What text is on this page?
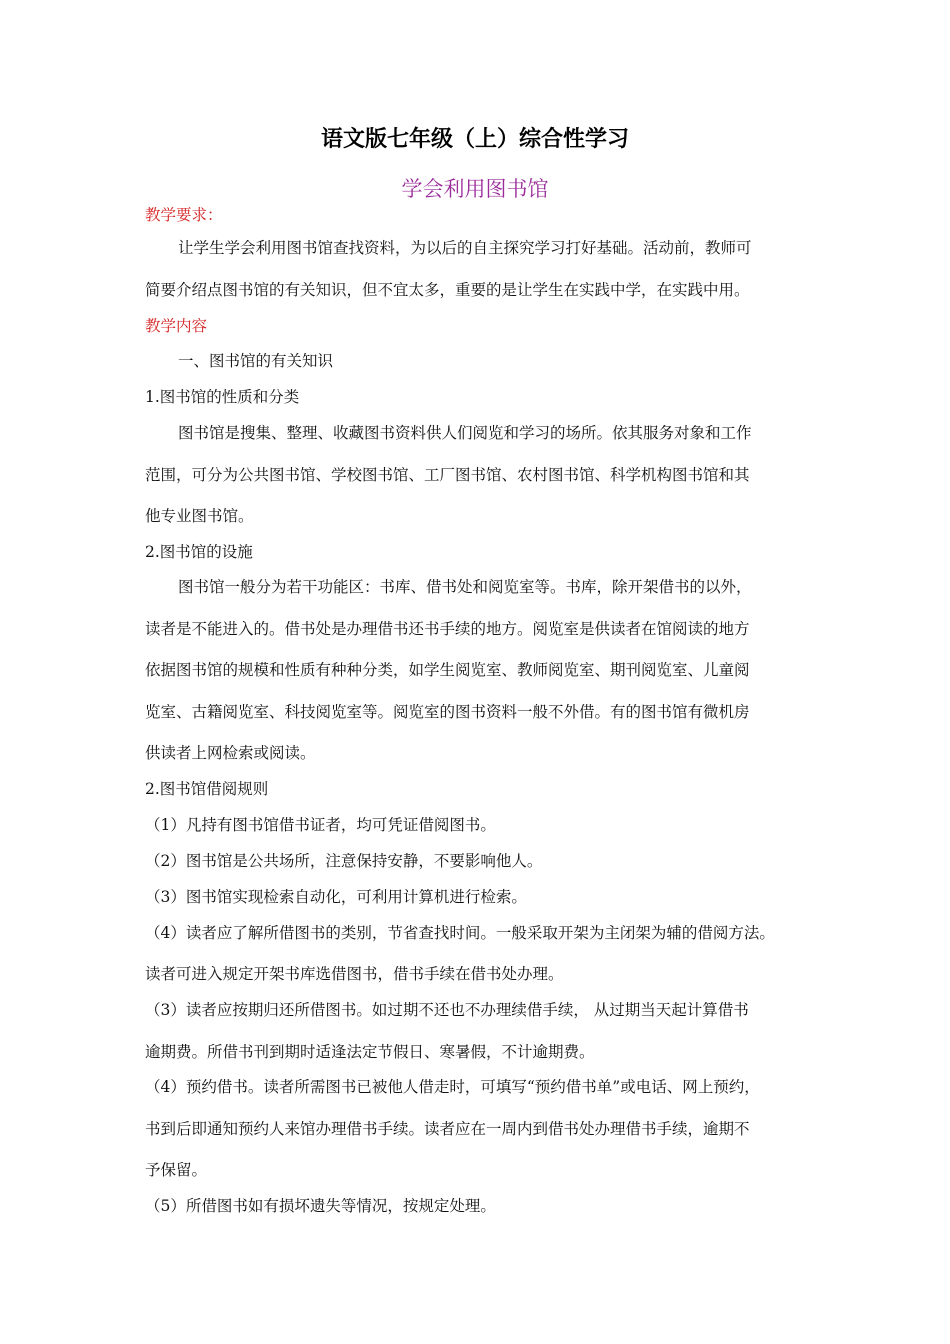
语文版七年级（上）综合性学习
学会利用图书馆
教学要求：
让学生学会利用图书馆查找资料，为以后的自主探究学习打好基础。活动前，教师可
简要介绍点图书馆的有关知识，但不宜太多，重要的是让学生在实践中学，在实践中用。
教学内容
一、图书馆的有关知识
1.图书馆的性质和分类
图书馆是搜集、整理、收藏图书资料供人们阅览和学习的场所。依其服务对象和工作
范围，可分为公共图书馆、学校图书馆、工厂图书馆、农村图书馆、科学机构图书馆和其
他专业图书馆。
2.图书馆的设施
图书馆一般分为若干功能区：书库、借书处和阅览室等。书库，除开架借书的以外，
读者是不能进入的。借书处是办理借书还书手续的地方。阅览室是供读者在馆阅读的地方
依据图书馆的规模和性质有种种分类，如学生阅览室、教师阅览室、期刊阅览室、儿童阅
览室、古籍阅览室、科技阅览室等。阅览室的图书资料一般不外借。有的图书馆有微机房
供读者上网检索或阅读。
2.图书馆借阅规则
（1）凡持有图书馆借书证者，均可凭证借阅图书。
（2）图书馆是公共场所，注意保持安静，不要影响他人。
（3）图书馆实现检索自动化，可利用计算机进行检索。
（4）读者应了解所借图书的类别，节省查找时间。一般采取开架为主闭架为辅的借阅方法。
读者可进入规定开架书库选借图书，借书手续在借书处办理。
（3）读者应按期归还所借图书。如过期不还也不办理续借手续， 从过期当天起计算借书
逾期费。所借书刊到期时适逢法定节假日、寒暑假，不计逾期费。
（4）预约借书。读者所需图书已被他人借走时，可填写“预约借书单”或电话、网上预约，
书到后即通知预约人来馆办理借书手续。读者应在一周内到借书处办理借书手续，逾期不
予保留。
（5）所借图书如有损坏遗失等情况，按规定处理。
